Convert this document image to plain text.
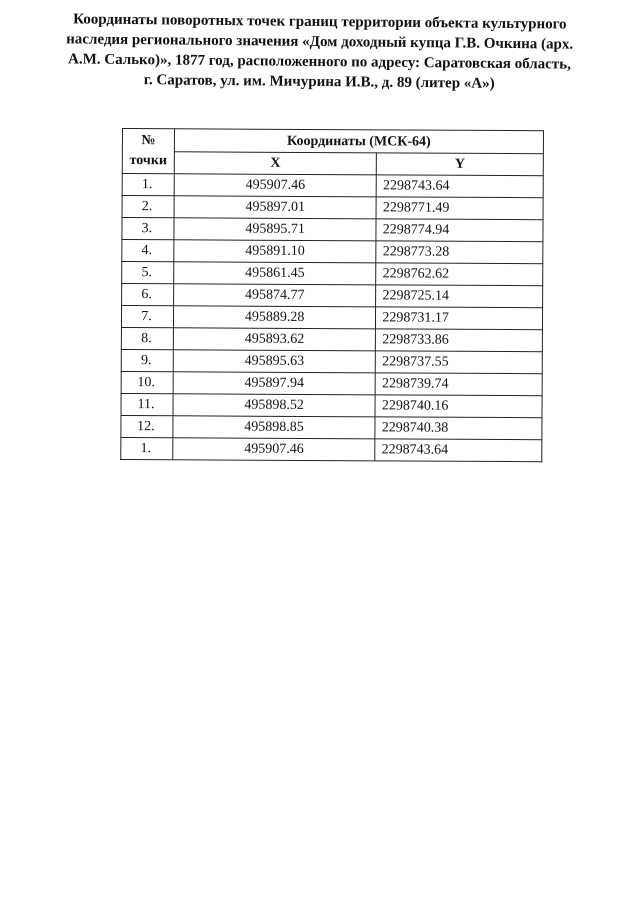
Координаты поворотных точек границ территории объекта культурного
наследия регионального значения «Дом доходный купца Г.В. Очкина (арх.
А.М. Салько)», 1877 год, расположенного по адресу: Саратовская область,
г. Саратов, ул. им. Мичурина И.В., д. 89 (литер «А»)
№ точки	Координаты (МСК-64)	
	X	Y
1.	495907.46	2298743.64
2.	495897.01	2298771.49
3.	495895.71	2298774.94
4.	495891.10	2298773.28
5.	495861.45	2298762.62
6.	495874.77	2298725.14
7.	495889.28	2298731.17
8.	495893.62	2298733.86
9.	495895.63	2298737.55
10.	495897.94	2298739.74
11.	495898.52	2298740.16
12.	495898.85	2298740.38
1.	495907.46	2298743.64
